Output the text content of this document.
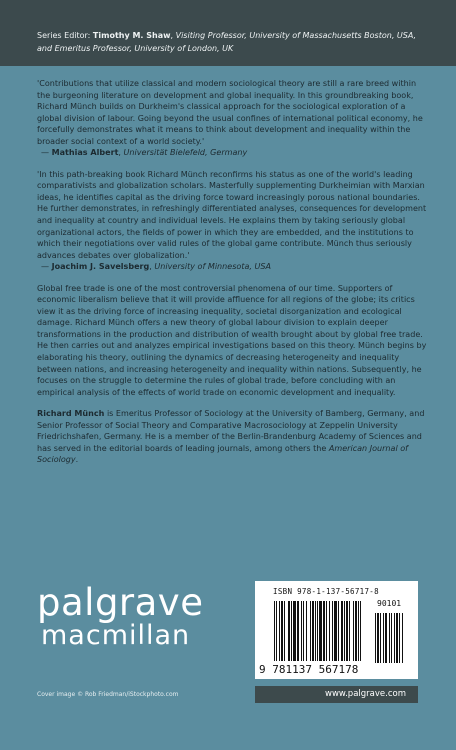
Series Editor: Timothy M. Shaw, Visiting Professor, University of Massachusetts Boston, USA,
and Emeritus Professor, University of London, UK

'Contributions that utilize classical and modern sociological theory are still a rare breed within the burgeoning literature on development and global inequality. In this groundbreaking book, Richard Münch builds on Durkheim's classical approach for the sociological exploration of a global division of labour. Going beyond the usual confines of international political economy, he forcefully demonstrates what it means to think about development and inequality within the broader social context of a world society.'

— Mathias Albert, Universität Bielefeld, Germany

'In this path-breaking book Richard Münch reconfirms his status as one of the world's leading comparativists and globalization scholars. Masterfully supplementing Durkheimian with Marxian ideas, he identifies capital as the driving force toward increasingly porous national boundaries. He further demonstrates, in refreshingly differentiated analyses, consequences for development and inequality at country and individual levels. He explains them by taking seriously global organizational actors, the fields of power in which they are embedded, and the institutions to which their negotiations over valid rules of the global game contribute. Münch thus seriously advances debates over globalization.'

— Joachim J. Savelsberg, University of Minnesota, USA

Global free trade is one of the most controversial phenomena of our time. Supporters of economic liberalism believe that it will provide affluence for all regions of the globe; its critics view it as the driving force of increasing inequality, societal disorganization and ecological damage. Richard Münch offers a new theory of global labour division to explain deeper transformations in the production and distribution of wealth brought about by global free trade. He then carries out and analyzes empirical investigations based on this theory. Münch begins by elaborating his theory, outlining the dynamics of decreasing heterogeneity and inequality between nations, and increasing heterogeneity and inequality within nations. Subsequently, he focuses on the struggle to determine the rules of global trade, before concluding with an empirical analysis of the effects of world trade on economic development and inequality.

Richard Münch is Emeritus Professor of Sociology at the University of Bamberg, Germany, and Senior Professor of Social Theory and Comparative Macrosociology at Zeppelin University Friedrichshafen, Germany. He is a member of the Berlin-Brandenburg Academy of Sciences and has served in the editorial boards of leading journals, among others the American Journal of Sociology.

palgrave
macmillan
ISBN 978-1-137-56717-8
90101
9 781137 567178
Cover image © Rob Friedman/iStockphoto.com	www.palgrave.com
